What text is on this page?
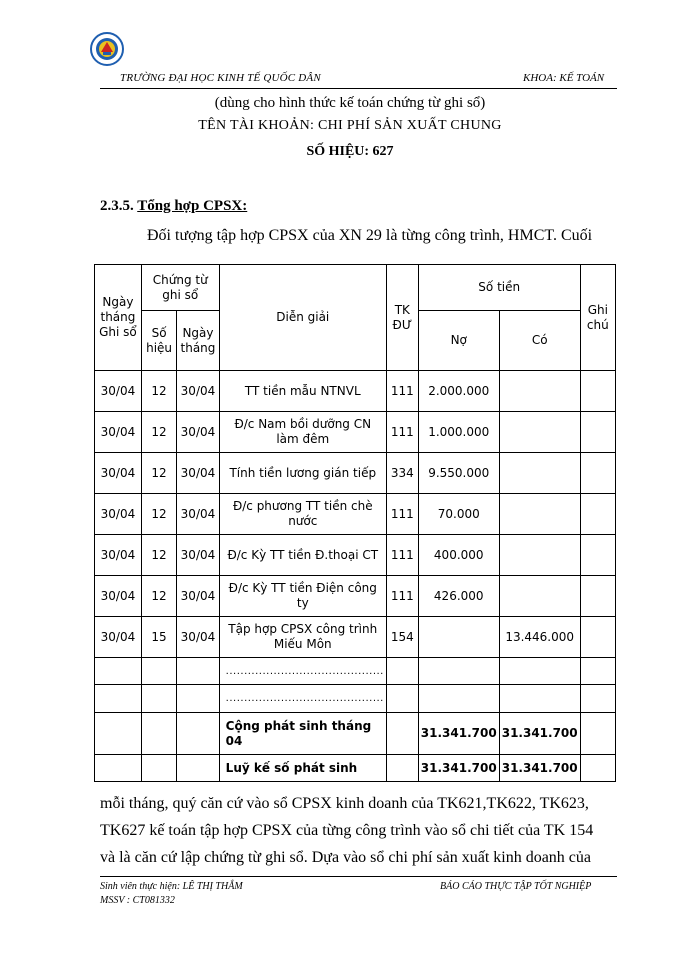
TRƯỜNG ĐẠI HỌC KINH TẾ QUỐC DÂN	KHOA: KẾ TOÁN
(dùng cho hình thức kế toán chứng từ ghi sổ)
TÊN TÀI KHOẢN: CHI PHÍ SẢN XUẤT CHUNG
SỐ HIỆU: 627
2.3.5. Tổng hợp CPSX:
Đối tượng tập hợp CPSX của XN 29 là từng công trình, HMCT. Cuối
Ngày tháng Ghi sổ	Chứng từ ghi sổ		Diễn giải	TK ĐƯ	Số tiền		Ghi chú
	Số hiệu	Ngày tháng			Nợ	Có	
30/04	12	30/04	TT tiền mẫu NTNVL	111	2.000.000		
30/04	12	30/04	Đ/c Nam bồi dưỡng CN làm đêm	111	1.000.000		
30/04	12	30/04	Tính tiền lương gián tiếp	334	9.550.000		
30/04	12	30/04	Đ/c phương TT tiền chè nước	111	70.000		
30/04	12	30/04	Đ/c Kỳ TT tiền Đ.thoại CT	111	400.000		
30/04	12	30/04	Đ/c Kỳ TT tiền Điện công ty	111	426.000		
30/04	15	30/04	Tập hợp CPSX công trình Miếu Môn	154		13.446.000	
			...........................................				
			...........................................				
			Cộng phát sinh tháng 04		31.341.700	31.341.700	
			Luỹ kế số phát sinh		31.341.700	31.341.700	
mỗi tháng, quý căn cứ vào sổ CPSX kinh doanh của TK621,TK622, TK623,
TK627 kế toán tập hợp CPSX của từng công trình vào sổ chi tiết của TK 154
và là căn cứ lập chứng từ ghi sổ. Dựa vào sổ chi phí sản xuất kinh doanh của
Sinh viên thực hiện: LÊ THỊ THẮM
MSSV : CT081332
BÁO CÁO THỰC TẬP TỐT NGHIỆP
